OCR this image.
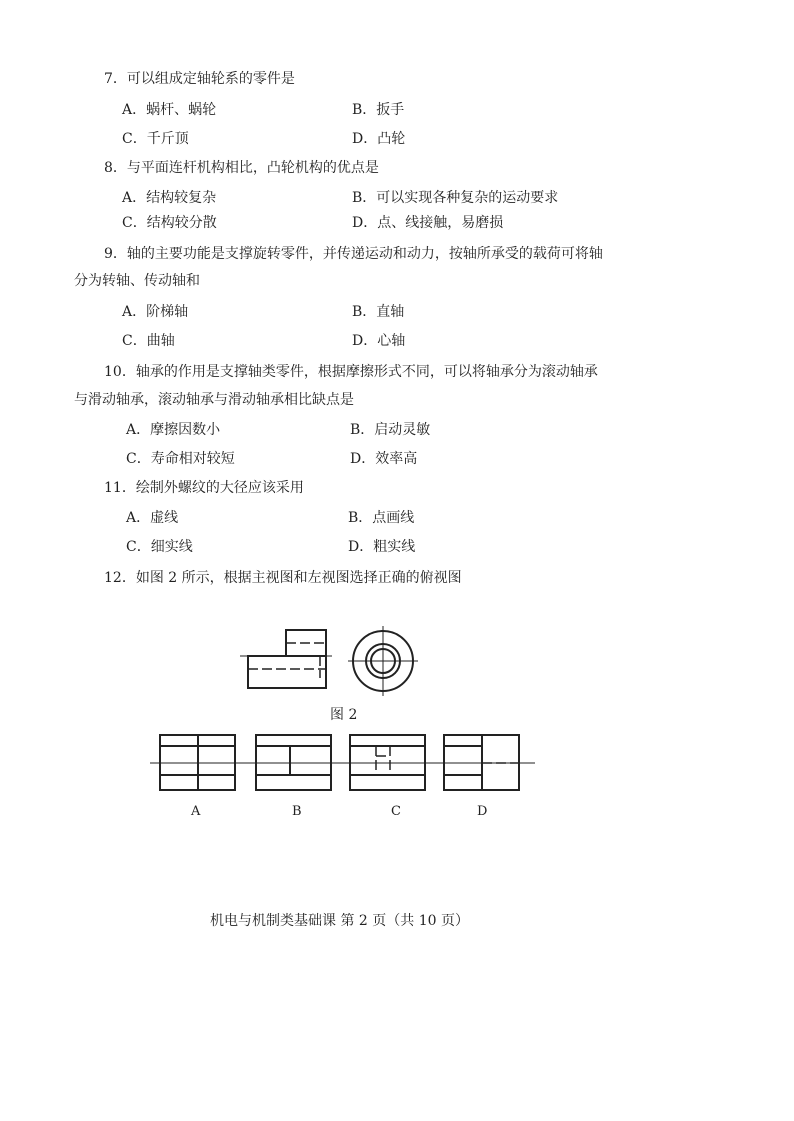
7．可以组成定轴轮系的零件是
A．蜗杆、蜗轮	B．扳手
C．千斤顶	D．凸轮
8．与平面连杆机构相比，凸轮机构的优点是
A．结构较复杂	B．可以实现各种复杂的运动要求
C．结构较分散	D．点、线接触，易磨损
9．轴的主要功能是支撑旋转零件，并传递运动和动力，按轴所承受的载荷可将轴
分为转轴、传动轴和
A．阶梯轴	B．直轴
C．曲轴	D．心轴
10．轴承的作用是支撑轴类零件，根据摩擦形式不同，可以将轴承分为滚动轴承
与滑动轴承，滚动轴承与滑动轴承相比缺点是
A．摩擦因数小	B．启动灵敏
C．寿命相对较短	D．效率高
11．绘制外螺纹的大径应该采用
A．虚线	B．点画线
C．细实线	D．粗实线
12．如图 2 所示，根据主视图和左视图选择正确的俯视图
图 2
A	B	C	D
机电与机制类基础课 第 2 页（共 10 页）
